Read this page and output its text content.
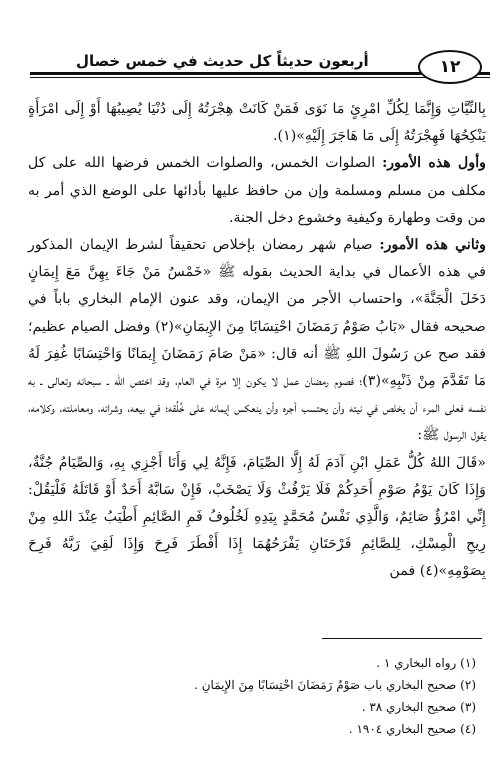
أربعون حديثاً كل حديث في خمس خصال	١٢

بِالنِّيَّاتِ وَإِنَّمَا لِكُلِّ امْرِئٍ مَا نَوَى فَمَنْ كَانَتْ هِجْرَتُهُ إِلَى دُنْيَا يُصِيبُهَا أَوْ إِلَى امْرَأَةٍ يَنْكِحُهَا فَهِجْرَتُهُ إِلَى مَا هَاجَرَ إِلَيْهِ»(١).

وأول هذه الأمور: الصلوات الخمس، والصلوات الخمس فرضها الله على كل مكلف من مسلم ومسلمة وإن من حافظ عليها بأدائها على الوضع الذي أمر به من وقت وطهارة وكيفية وخشوع دخل الجنة.

وثاني هذه الأمور: صيام شهر رمضان بإخلاص تحقيقاً لشرط الإيمان المذكور في هذه الأعمال في بداية الحديث بقوله ﷺ «خَمْسٌ مَنْ جَاءَ بِهِنَّ مَعَ إِيمَانٍ دَخَلَ الْجَنَّةَ»، واحتساب الأجر من الإيمان، وقد عنون الإمام البخاري باباً في صحيحه فقال «بَابُ صَوْمُ رَمَضَانَ احْتِسَابًا مِنَ الإِيمَانِ»(٢) وفضل الصيام عظيم؛ فقد صح عن رَسُولَ اللهِ ﷺ أنه قال: «مَنْ صَامَ رَمَضَانَ إِيمَانًا وَاحْتِسَابًا غُفِرَ لَهُ مَا تَقَدَّمَ مِنْ ذَنْبِهِ»(٣)؛ فصوم رمضان عمل لا يكون إلا مرة في العام، وقد اختص الله ـ سبحانه وتعالى ـ به نفسه فعلى المرء أن يخلص في نيته وأن يحتسب أجره وأن ينعكس إيمانه على خُلُقه؛ في بيعه، وشرائه، ومعاملته، وكلامه، يقول الرسول ﷺ:

«قَالَ اللهُ كُلُّ عَمَلِ ابْنِ آدَمَ لَهُ إِلَّا الصِّيَامَ، فَإِنَّهُ لِي وَأَنَا أَجْزِي بِهِ، وَالصِّيَامُ جُنَّةٌ، وَإِذَا كَانَ يَوْمُ صَوْمِ أَحَدِكُمْ فَلَا يَرْفُثْ وَلَا يَصْخَبْ، فَإِنْ سَابَّهُ أَحَدٌ أَوْ قَاتَلَهُ فَلْيَقُلْ: إِنِّي امْرُؤٌ صَائِمٌ، وَالَّذِي نَفْسُ مُحَمَّدٍ بِيَدِهِ لَخُلُوفُ فَمِ الصَّائِمِ أَطْيَبُ عِنْدَ اللهِ مِنْ رِيحِ الْمِسْكِ، لِلصَّائِمِ فَرْحَتَانِ يَفْرَحُهُمَا إِذَا أَفْطَرَ فَرِحَ وَإِذَا لَقِيَ رَبَّهُ فَرِحَ بِصَوْمِهِ»(٤) فمن

(١) رواه البخاري ١ .
(٢) صحيح البخاري باب صَوْمُ رَمَضَانَ احْتِسَابًا مِنَ الإِيمَانِ .
(٣) صحيح البخاري ٣٨ .
(٤) صحيح البخاري ١٩٠٤ .
